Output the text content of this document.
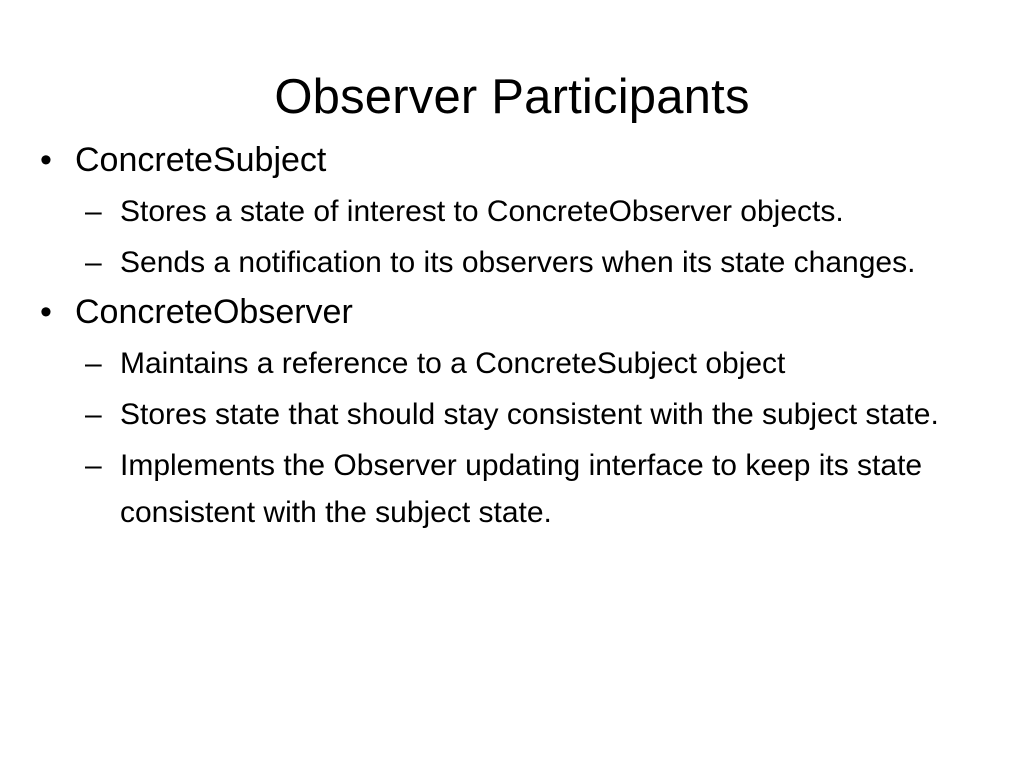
Observer Participants
• ConcreteSubject
– Stores a state of interest to ConcreteObserver objects.
– Sends a notification to its observers when its state changes.
• ConcreteObserver
– Maintains a reference to a ConcreteSubject object
– Stores state that should stay consistent with the subject state.
– Implements the Observer updating interface to keep its state consistent with the subject state.
